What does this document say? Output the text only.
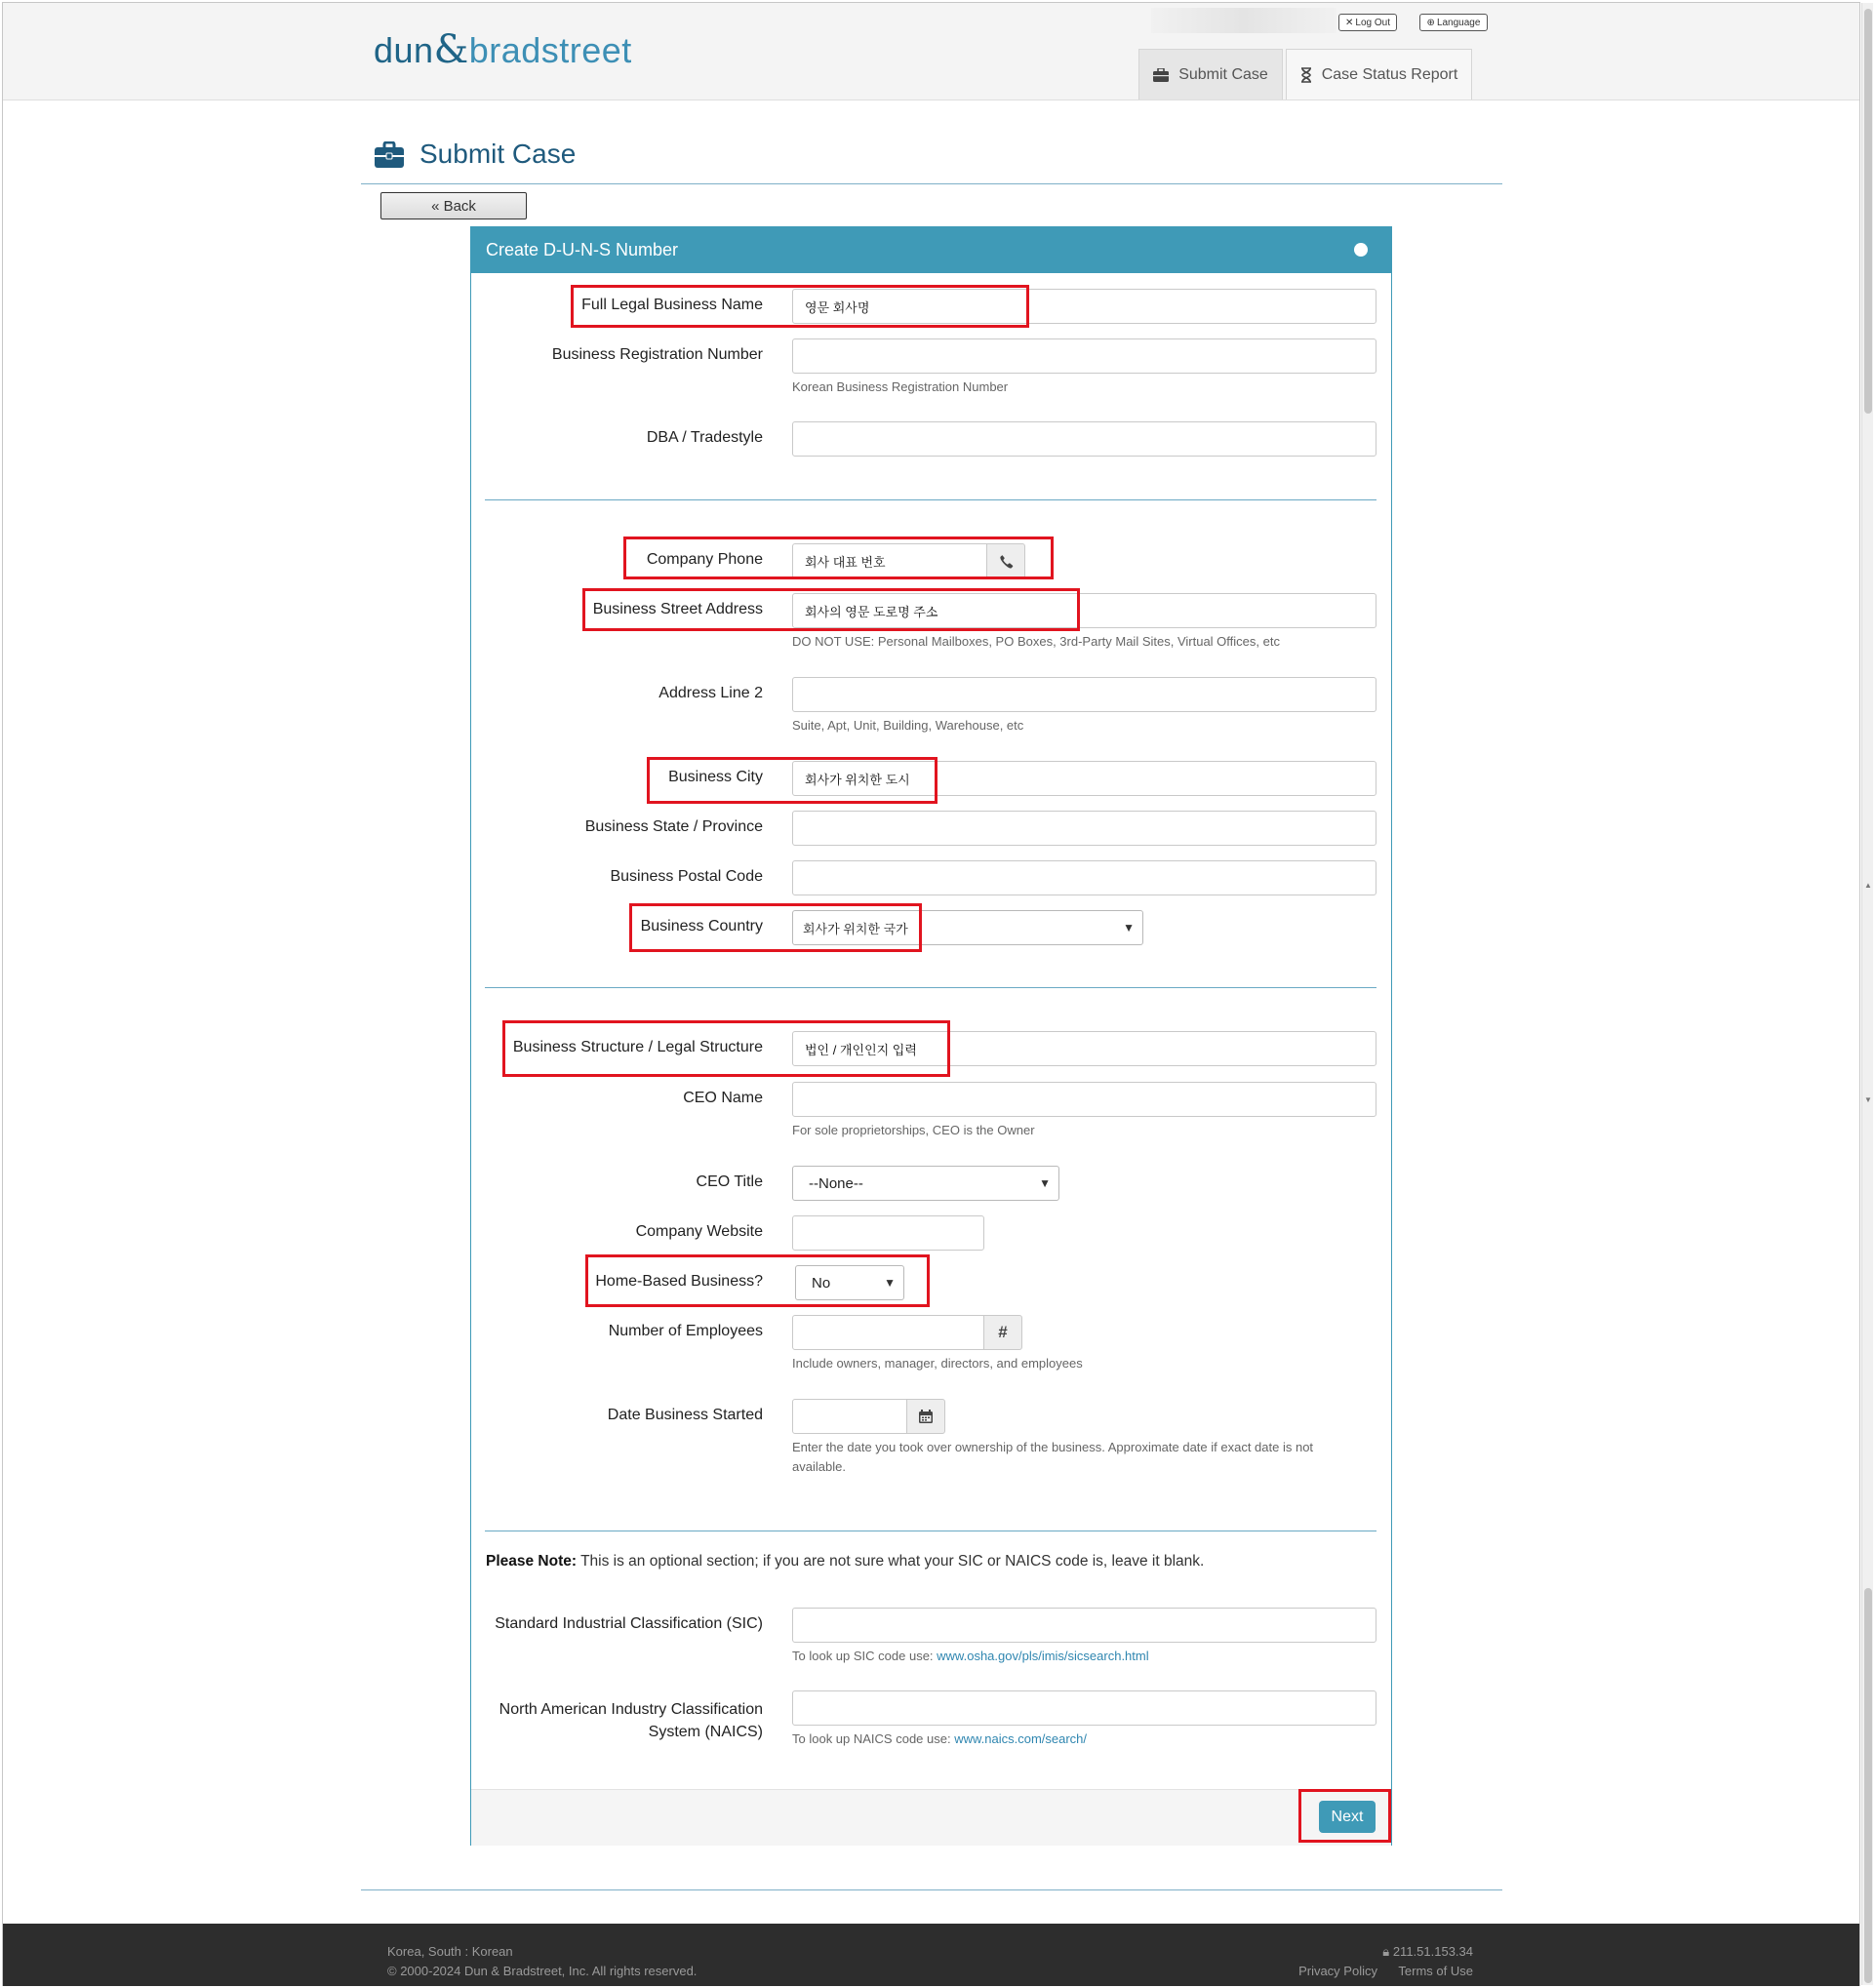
dun&bradstreet
✕ Log Out	⊕ Language
Submit Case	Case Status Report
Submit Case
« Back
Create D-U-N-S Number
Full Legal Business Name	영문 회사명
Business Registration Number
Korean Business Registration Number
DBA / Tradestyle
Company Phone	회사 대표 번호
Business Street Address	회사의 영문 도로명 주소
DO NOT USE: Personal Mailboxes, PO Boxes, 3rd-Party Mail Sites, Virtual Offices, etc
Address Line 2
Suite, Apt, Unit, Building, Warehouse, etc
Business City	회사가 위치한 도시
Business State / Province
Business Postal Code
Business Country	회사가 위치한 국가	▼
Business Structure / Legal Structure	법인 / 개인인지 입력
CEO Name
For sole proprietorships, CEO is the Owner
CEO Title	--None--	▼
Company Website
Home-Based Business?	No	▼
Number of Employees	#
Include owners, manager, directors, and employees
Date Business Started
Enter the date you took over ownership of the business. Approximate date if exact date is not
available.
Please Note: This is an optional section; if you are not sure what your SIC or NAICS code is, leave it blank.
Standard Industrial Classification (SIC)
To look up SIC code use: www.osha.gov/pls/imis/sicsearch.html
North American Industry Classification
System (NAICS) To look up NAICS code use: www.naics.com/search/
Next
Korea, South : Korean
© 2000-2024 Dun & Bradstreet, Inc. All rights reserved.
🔒︎ 211.51.153.34
Privacy Policy Terms of Use
▲
▼
